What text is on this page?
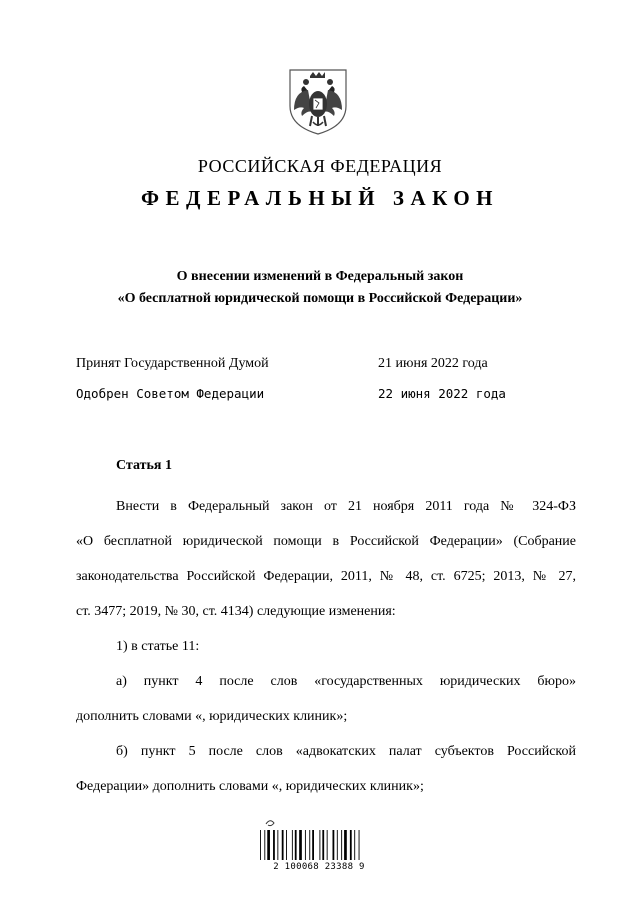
РОССИЙСКАЯ ФЕДЕРАЦИЯ
ФЕДЕРАЛЬНЫЙ ЗАКОН
О внесении изменений в Федеральный закон
«О бесплатной юридической помощи в Российской Федерации»
Принят Государственной Думой	21 июня 2022 года
Одобрен Советом Федерации	22 июня 2022 года
Статья 1
Внести в Федеральный закон от 21 ноября 2011 года № 324-ФЗ
«О бесплатной юридической помощи в Российской Федерации» (Собрание
законодательства Российской Федерации, 2011, № 48, ст. 6725; 2013, № 27,
ст. 3477; 2019, № 30, ст. 4134) следующие изменения:
1) в статье 11:
а) пункт 4 после слов «государственных юридических бюро»
дополнить словами «, юридических клиник»;
б) пункт 5 после слов «адвокатских палат субъектов Российской
Федерации» дополнить словами «, юридических клиник»;
2 100068 23388 9
